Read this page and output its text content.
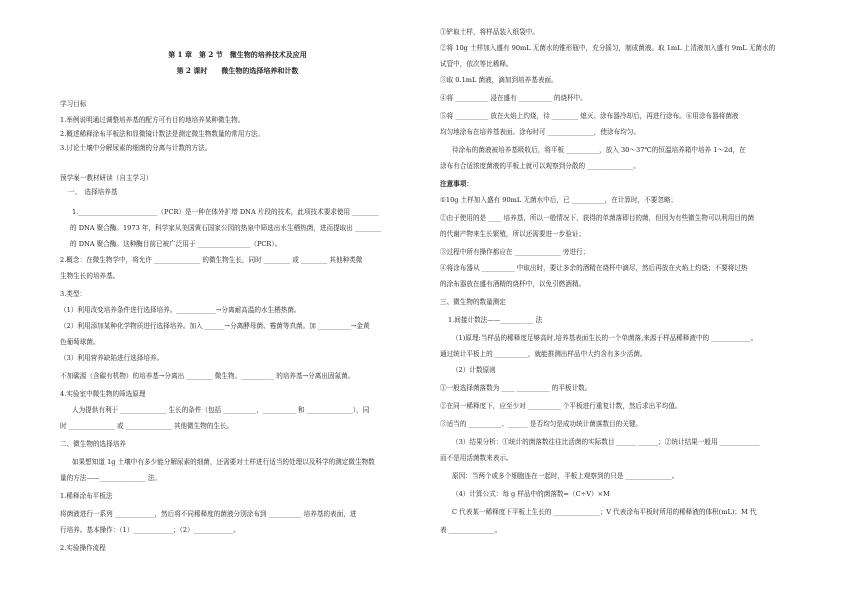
第 1 章　第 2 节　微生物的培养技术及应用
第 2 课时　　微生物的选择培养和计数
学习目标
1.举例说明通过调整培养基的配方可有目的地培养某种微生物。
2.概述稀释涂布平板法和显微镜计数法是测定微生物数量的常用方法。
3.讨论土壤中分解尿素的细菌的分离与计数的方法。
预学案一教材研读（自主学习）
一、　选择培养基
1.________________________（PCR）是一种在体外扩增 DNA 片段的技术，此项技术要求使用 ________
的 DNA 聚合酶。1973 年，科学家从美国黄石国家公园的热泉中筛选出水生栖热菌，进而提取出 ________
的 DNA 聚合酶。这种酶目前已被广泛用于 ________________（PCR）。
2.概念：在微生物学中，将允许 ______________ 的微生物生长，同时 ________ 或 ________ 其他种类微
生物生长的培养基。
3.类型：
（1）利用改变培养条件进行选择培养。____________→分离耐高温的水生栖热菌。
（2）利用添加某种化学物质进行选择培养。加入 ______→分离酵母菌、霉菌等真菌。加 __________→金黄
色葡萄球菌。
（3）利用营养缺陷进行选择培养。
不加碳源（含碳有机物）的培养基→分离出 ________ 微生物。__________ 的培养基→分离出固氮菌。
4.实验室中微生物的筛选原理
人为提供有利于 ______________ 生长的条件（包括 __________，__________ 和 ______________），同
时 ______________ 或 ______________ 其他微生物的生长。
二、微生物的选择培养
如果想知道 1g 土壤中有多少能分解尿素的细菌，还需要对土样进行适当的处理以及科学的测定微生物数
量的方法——______________ 法。
1.稀释涂布平板法
将菌液进行一系列 ____________，然后将不同稀释度的菌液分别涂布到 __________ 培养基的表面，进
行培养。基本操作：（1）____________；（2）____________。
2.实验操作流程
①铲取土样，将样品装入纸袋中。
②将 10g 土样加入盛有 90mL 无菌水的锥形瓶中，充分摇匀，制成菌液。取 1mL 上清液加入盛有 9mL 无菌水的
试管中，依次等比稀释。
③取 0.1mL 菌液，滴加到培养基表面。
④将 __________ 浸在盛有 __________ 的烧杯中。
⑤将 __________ 放在火焰上灼烧，待 ________ 熄灭、涂布器冷却后，再进行涂布。⑥用涂布器将菌液
均匀地涂布在培养基表面。涂布时可 ______________，使涂布均匀。
待涂布的菌液被培养基吸收后，将平板 __________，放入 30～37℃的恒温培养箱中培养 1～2d，在
涂布有合适浓度菌液的平板上就可以观察到分散的 ______________。
注意事项：
①10g 土样加入盛有 90mL 无菌水中后，已 __________，在计算时，不要忽略；
②由于使用的是 ____ 培养基，所以一般情况下，获得的单菌落即目的菌，但因为有些微生物可以利用目的菌
的代谢产物来生长繁殖，所以还需要进一步验证；
③过程中所有操作都应在 ______________ 旁进行；
④将涂布器从 __________ 中取出时，要让多余的酒精在烧杯中滴尽，然后再放在火焰上灼烧；不要将过热
的涂布器放在盛有酒精的烧杯中，以免引燃酒精。
三、微生物的数量测定
1.间接计数法——__________ 法
（1)原理:当样品的稀释度足够高时,培养基表面生长的一个单菌落,来源于样品稀释液中的 ____________。
通过统计平板上的 __________，就能推测出样品中大约含有多少活菌。
（2）计数原则
①一般选择菌落数为 ____ __________ 的平板计数。
②在同一稀释度下，应至少对 __________ 个平板进行重复计数，然后求出平均值。
③适当的 __________、______ 是否均匀是成功统计菌落数目的关键。
（3）结果分析：①统计的菌落数往往比活菌的实际数目 ______ ______；②统计结果一般用 ____________
而不是用活菌数来表示。
原因：当两个或多个细胞连在一起时，平板上观察到的只是 ______________。
（4）计算公式：每 g 样品中的菌落数=（C÷V）×M
C 代表某一稀释度下平板上生长的 ______________；V 代表涂布平板时所用的稀释液的体积(mL)；M 代
表 ______________。
